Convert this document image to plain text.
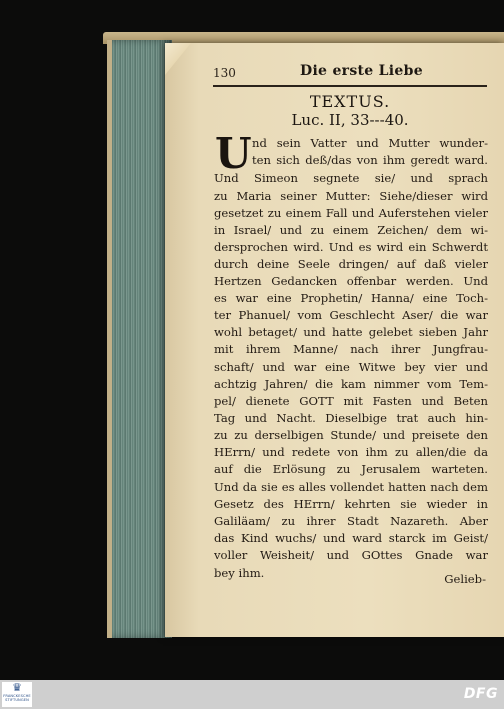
130	Die erste Liebe
TEXTUS.
Luc. II, 33---40.
U nd sein Vatter und Mutter wunder-
ten sich deß/das von ihm geredt ward.
Und Simeon segnete sie/ und sprach
zu Maria seiner Mutter: Siehe/dieser wird
gesetzet zu einem Fall und Auferstehen vieler
in Israel/ und zu einem Zeichen/ dem wi-
dersprochen wird. Und es wird ein Schwerdt
durch deine Seele dringen/ auf daß vieler
Hertzen Gedancken offenbar werden. Und
es war eine Prophetin/ Hanna/ eine Toch-
ter Phanuel/ vom Geschlecht Aser/ die war
wohl betaget/ und hatte gelebet sieben Jahr
mit ihrem Manne/ nach ihrer Jungfrau-
schaft/ und war eine Witwe bey vier und
achtzig Jahren/ die kam nimmer vom Tem-
pel/ dienete GOTT mit Fasten und Beten
Tag und Nacht. Dieselbige trat auch hin-
zu zu derselbigen Stunde/ und preisete den
HErrn/ und redete von ihm zu allen/die da
auf die Erlösung zu Jerusalem warteten.
Und da sie es alles vollendet hatten nach dem
Gesetz des HErrn/ kehrten sie wieder in
Galiläam/ zu ihrer Stadt Nazareth. Aber
das Kind wuchs/ und ward starck im Geist/
voller Weisheit/ und GOttes Gnade war
bey ihm.	Gelieb-
♛
FRANCKESCHE STIFTUNGEN	DFG
